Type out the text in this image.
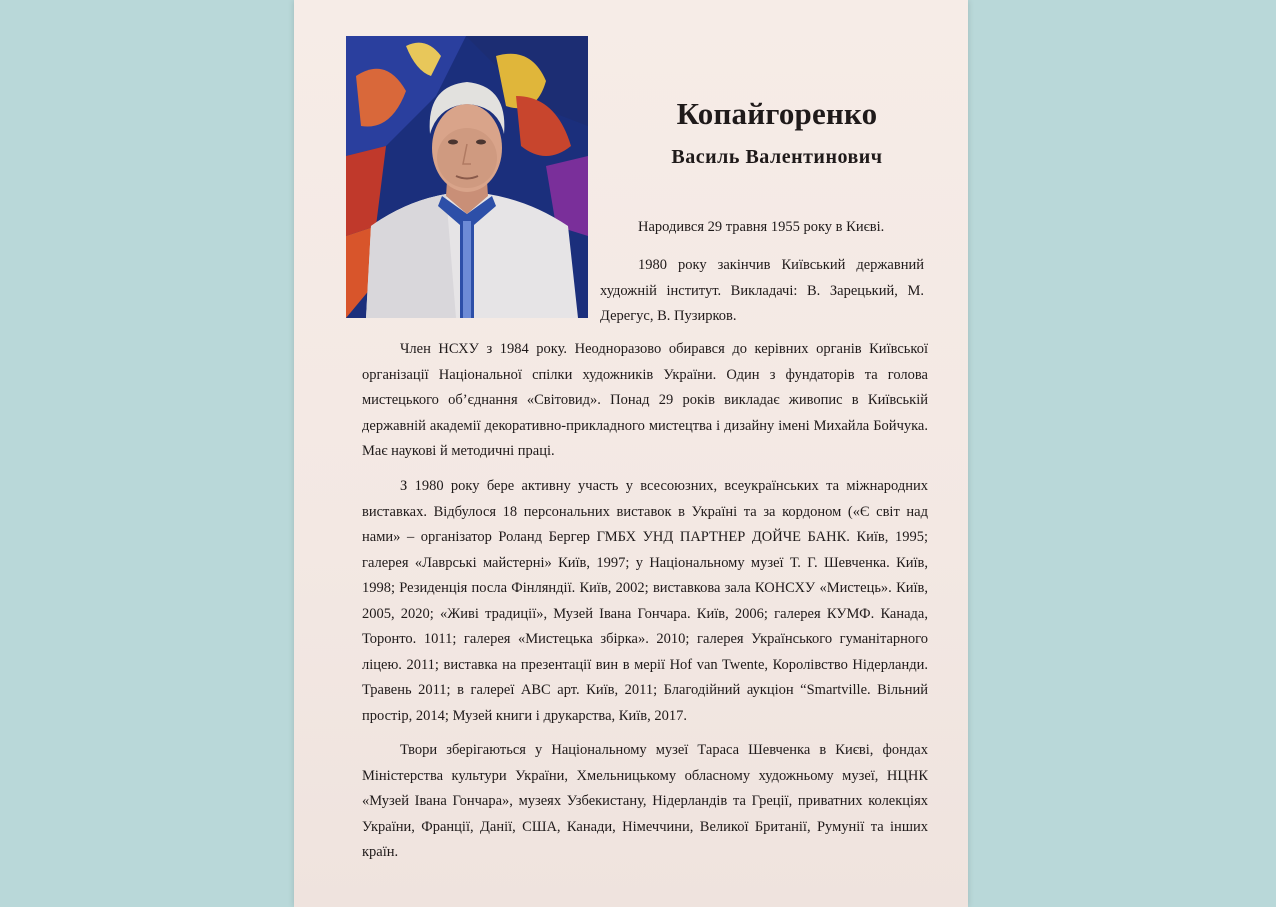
Копайгоренко
Василь Валентинович

Народився 29 травня 1955 року в Києві.

1980 року закінчив Київський державний художній інститут. Викладачі: В. Зарецький, М. Дерегус, В. Пузирков.

Член НСХУ з 1984 року. Неодноразово обирався до керівних органів Київської організації Національної спілки художників України. Один з фундаторів та голова мистецького об’єднання «Світовид». Понад 29 років викладає живопис в Київській державній академії декоративно-прикладного мистецтва і дизайну імені Михайла Бойчука. Має наукові й методичні праці.

З 1980 року бере активну участь у всесоюзних, всеукраїнських та міжнародних виставках. Відбулося 18 персональних виставок в Україні та за кордоном («Є світ над нами» – організатор Роланд Бергер ГМБХ УНД ПАРТНЕР ДОЙЧЕ БАНК. Київ, 1995; галерея «Лаврські майстерні» Київ, 1997; у Національному музеї Т. Г. Шевченка. Київ, 1998; Резиденція посла Фінляндії. Київ, 2002; виставкова зала КОНСХУ «Мистець». Київ, 2005, 2020; «Живі традиції», Музей Івана Гончара. Київ, 2006; галерея КУМФ. Канада, Торонто. 1011; галерея «Мистецька збірка». 2010; галерея Українського гуманітарного ліцею. 2011; виставка на презентації вин в мерії Hof van Twente, Королівство Нідерланди. Травень 2011; в галереї АВС арт. Київ, 2011; Благодійний аукціон “Smartville. Вільний простір, 2014; Музей книги і друкарства, Київ, 2017.

Твори зберігаються у Національному музеї Тараса Шевченка в Києві, фондах Міністерства культури України, Хмельницькому обласному художньому музеї, НЦНК «Музей Івана Гончара», музеях Узбекистану, Нідерландів та Греції, приватних колекціях України, Франції, Данії, США, Канади, Німеччини, Великої Британії, Румунії та інших країн.
